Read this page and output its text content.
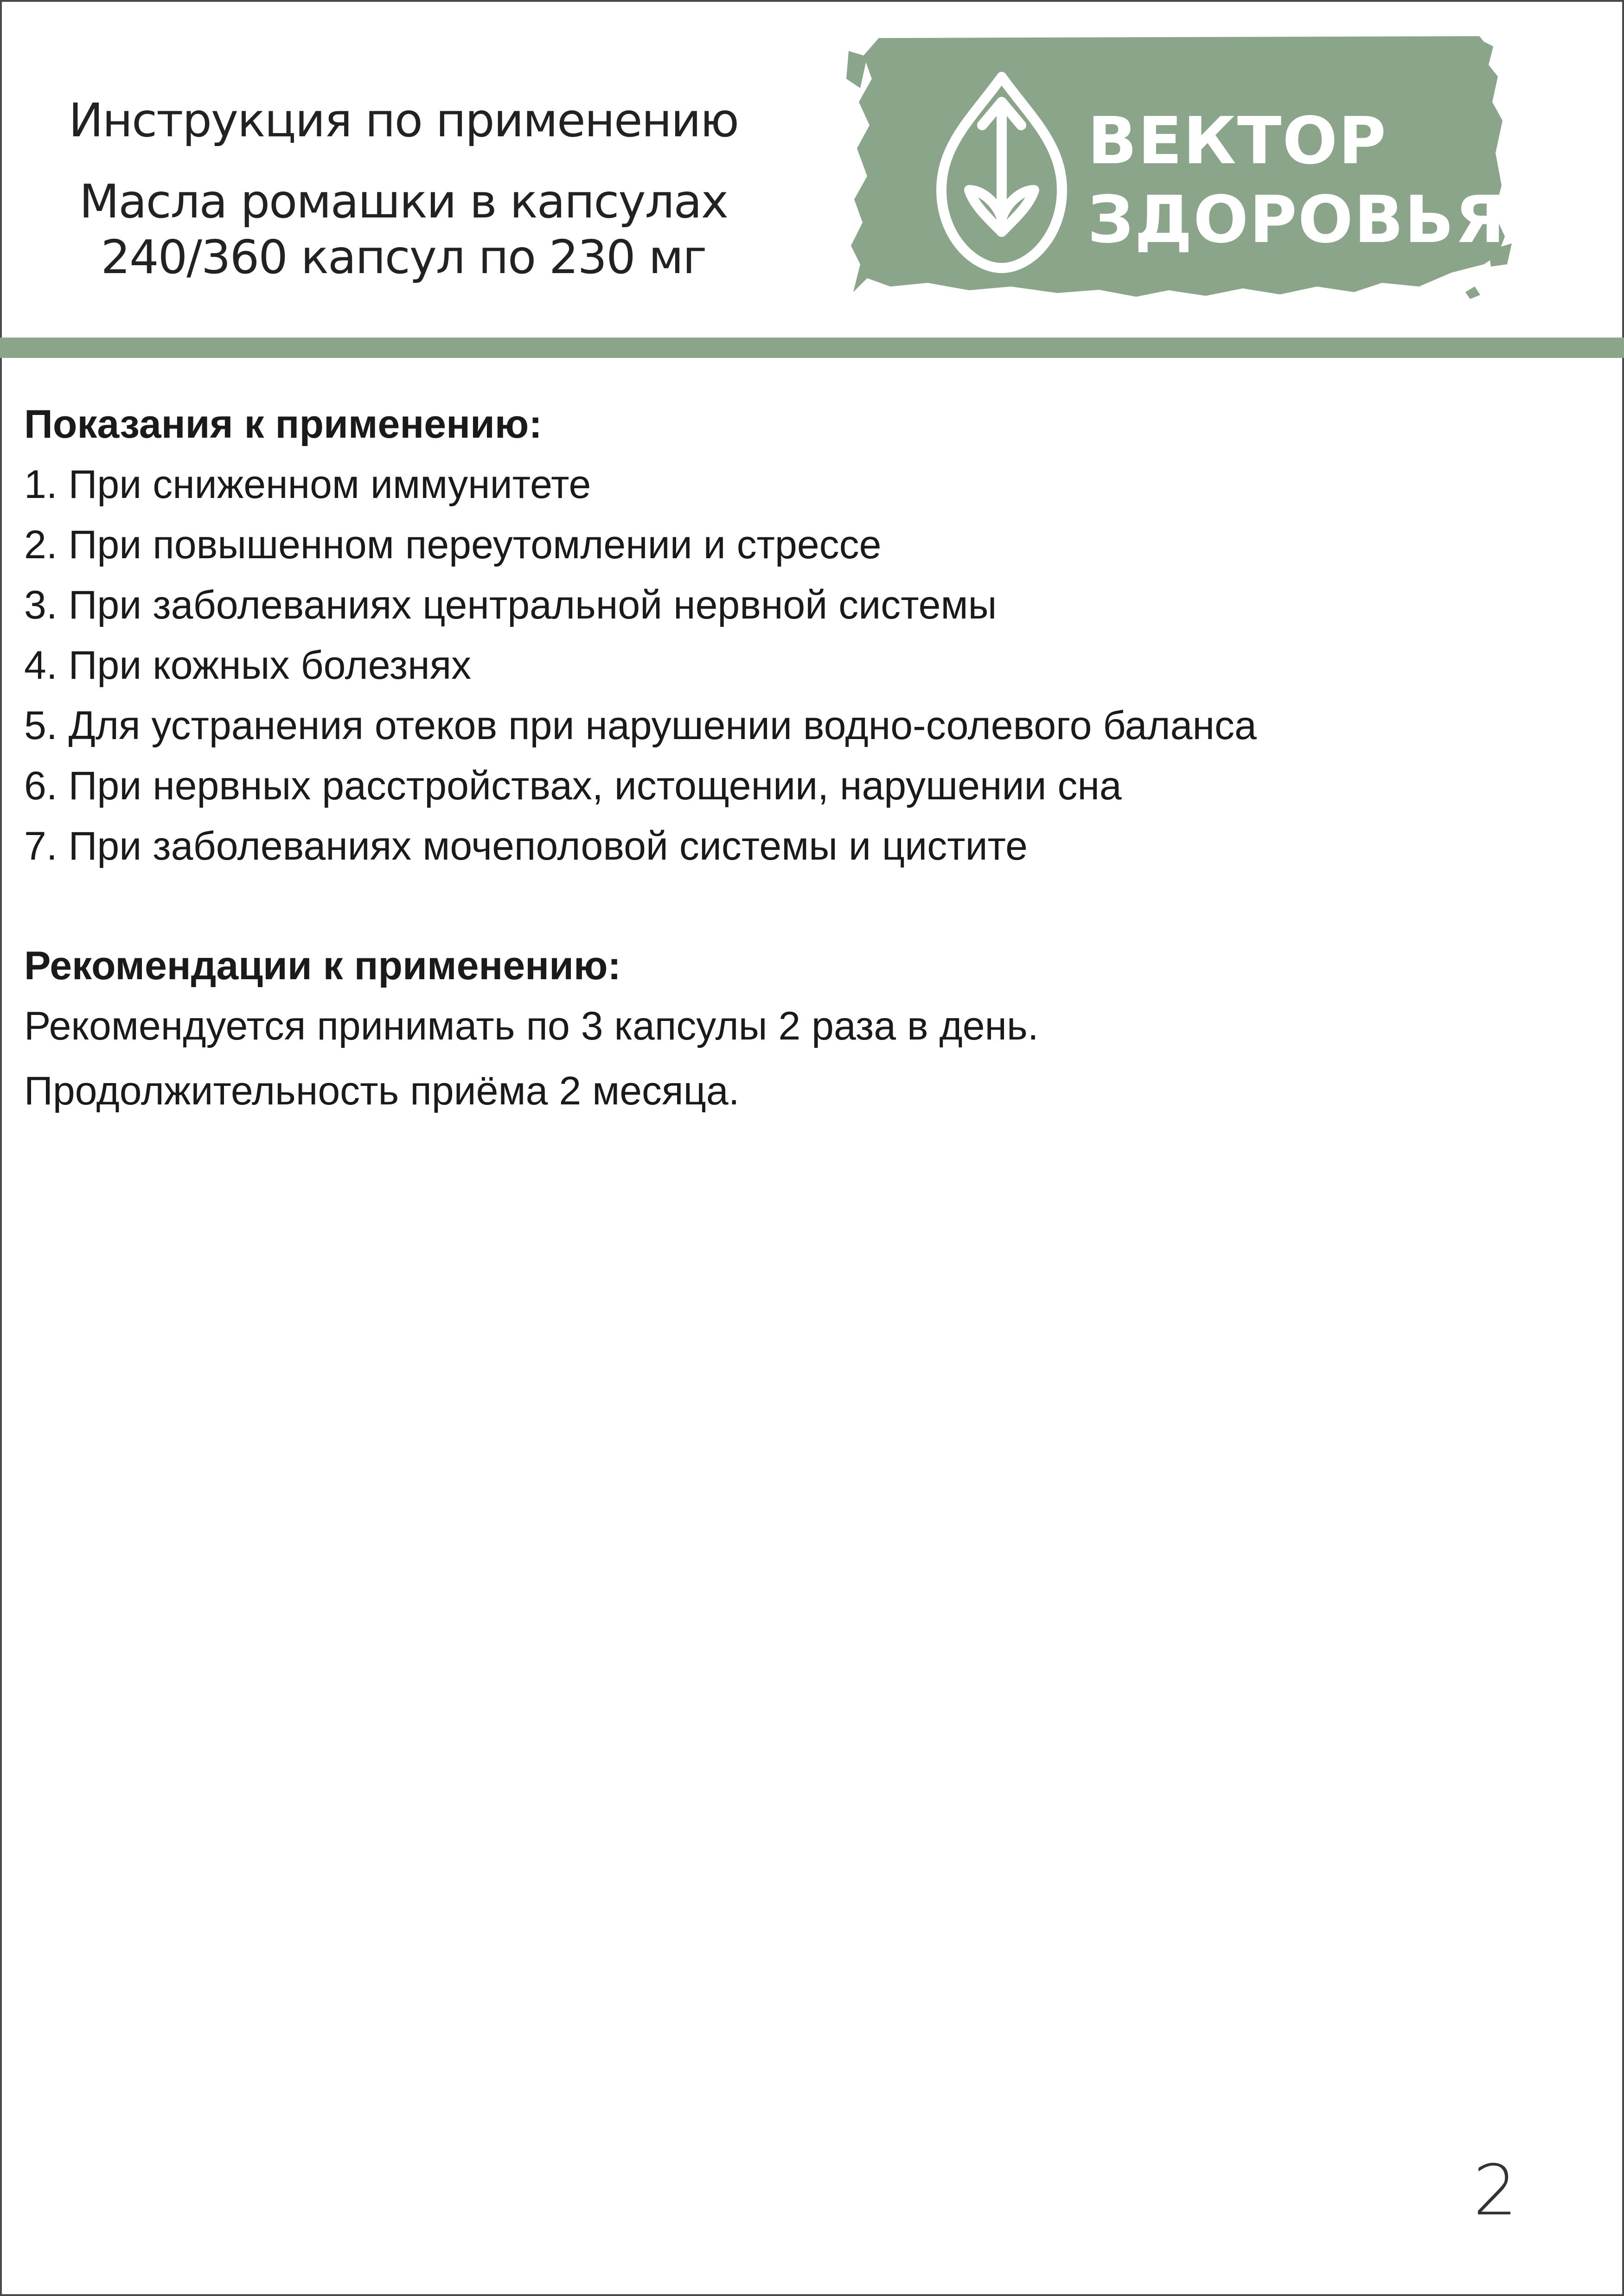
Инструкция по применению
Масла ромашки в капсулах
240/360 капсул по 230 мг
ВЕКТОР
ЗДОРОВЬЯ

Показания к применению:

1. При сниженном иммунитете

2. При повышенном переутомлении и стрессе

3. При заболеваниях центральной нервной системы

4. При кожных болезнях

5. Для устранения отеков при нарушении водно-солевого баланса

6. При нервных расстройствах, истощении, нарушении сна

7. При заболеваниях мочеполовой системы и цистите

Рекомендации к применению:

Рекомендуется принимать по 3 капсулы 2 раза в день.

Продолжительность приёма 2 месяца.

2
